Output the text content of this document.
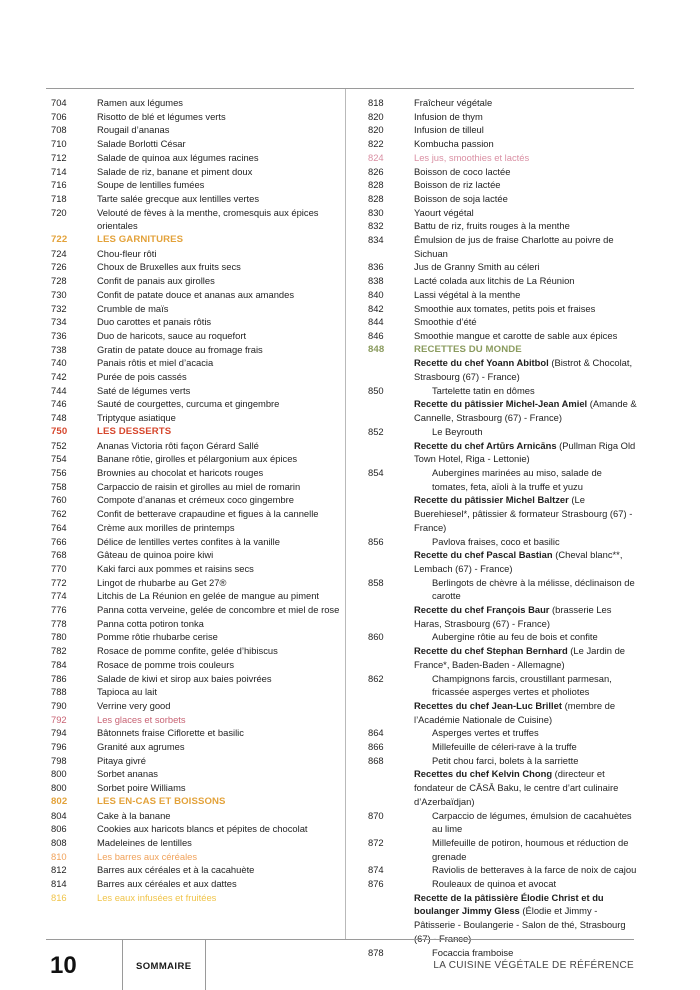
704	Ramen aux légumes
706	Risotto de blé et légumes verts
708	Rougail d’ananas
710	Salade Borlotti César
712	Salade de quinoa aux légumes racines
714	Salade de riz, banane et piment doux
716	Soupe de lentilles fumées
718	Tarte salée grecque aux lentilles vertes
720	Velouté de fèves à la menthe, cromesquis aux épices orientales
722	LES GARNITURES
724	Chou-fleur rôti
726	Choux de Bruxelles aux fruits secs
728	Confit de panais aux girolles
730	Confit de patate douce et ananas aux amandes
732	Crumble de maïs
734	Duo carottes et panais rôtis
736	Duo de haricots, sauce au roquefort
738	Gratin de patate douce au fromage frais
740	Panais rôtis et miel d’acacia
742	Purée de pois cassés
744	Saté de légumes verts
746	Sauté de courgettes, curcuma et gingembre
748	Triptyque asiatique
750	LES DESSERTS
752	Ananas Victoria rôti façon Gérard Sallé
754	Banane rôtie, girolles et pélargonium aux épices
756	Brownies au chocolat et haricots rouges
758	Carpaccio de raisin et girolles au miel de romarin
760	Compote d’ananas et crémeux coco gingembre
762	Confit de betterave crapaudine et figues à la cannelle
764	Crème aux morilles de printemps
766	Délice de lentilles vertes confites à la vanille
768	Gâteau de quinoa poire kiwi
770	Kaki farci aux pommes et raisins secs
772	Lingot de rhubarbe au Get 27®
774	Litchis de La Réunion en gelée de mangue au piment
776	Panna cotta verveine, gelée de concombre et miel de rose
778	Panna cotta potiron tonka
780	Pomme rôtie rhubarbe cerise
782	Rosace de pomme confite, gelée d’hibiscus
784	Rosace de pomme trois couleurs
786	Salade de kiwi et sirop aux baies poivrées
788	Tapioca au lait
790	Verrine very good
792	Les glaces et sorbets
794	Bâtonnets fraise Ciflorette et basilic
796	Granité aux agrumes
798	Pitaya givré
800	Sorbet ananas
800	Sorbet poire Williams
802	LES EN-CAS ET BOISSONS
804	Cake à la banane
806	Cookies aux haricots blancs et pépites de chocolat
808	Madeleines de lentilles
810	Les barres aux céréales
812	Barres aux céréales et à la cacahuète
814	Barres aux céréales et aux dattes
816	Les eaux infusées et fruitées
818	Fraîcheur végétale
820	Infusion de thym
820	Infusion de tilleul
822	Kombucha passion
824	Les jus, smoothies et lactés
826	Boisson de coco lactée
828	Boisson de riz lactée
828	Boisson de soja lactée
830	Yaourt végétal
832	Battu de riz, fruits rouges à la menthe
834	Émulsion de jus de fraise Charlotte au poivre de Sichuan
836	Jus de Granny Smith au céleri
838	Lacté colada aux litchis de La Réunion
840	Lassi végétal à la menthe
842	Smoothie aux tomates, petits pois et fraises
844	Smoothie d’été
846	Smoothie mangue et carotte de sable aux épices
848	RECETTES DU MONDE
Recette du chef Yoann Abitbol (Bistrot & Chocolat, Strasbourg (67) - France)
850	Tartelette tatin en dômes
Recette du pâtissier Michel-Jean Amiel (Amande & Cannelle, Strasbourg (67) - France)
852	Le Beyrouth
Recette du chef Artūrs Arnicāns (Pullman Riga Old Town Hotel, Riga - Lettonie)
854	Aubergines marinées au miso, salade de tomates, feta, aïoli à la truffe et yuzu
Recette du pâtissier Michel Baltzer (Le Buerehiesel*, pâtissier & formateur Strasbourg (67) - France)
856	Pavlova fraises, coco et basilic
Recette du chef Pascal Bastian (Cheval blanc**, Lembach (67) - France)
858	Berlingots de chèvre à la mélisse, déclinaison de carotte
Recette du chef François Baur (brasserie Les Haras, Strasbourg (67) - France)
860	Aubergine rôtie au feu de bois et confite
Recette du chef Stephan Bernhard (Le Jardin de France*, Baden-Baden - Allemagne)
862	Champignons farcis, croustillant parmesan, fricassée asperges vertes et pholiotes
Recettes du chef Jean-Luc Brillet (membre de l’Académie Nationale de Cuisine)
864	Asperges vertes et truffes
866	Millefeuille de céleri-rave à la truffe
868	Petit chou farci, bolets à la sarriette
Recettes du chef Kelvin Chong (directeur et fondateur de CĀSĀ Baku, le centre d’art culinaire d’Azerbaïdjan)
870	Carpaccio de légumes, émulsion de cacahuètes au lime
872	Millefeuille de potiron, houmous et réduction de grenade
874	Raviolis de betteraves à la farce de noix de cajou
876	Rouleaux de quinoa et avocat
Recette de la pâtissière Élodie Christ et du boulanger Jimmy Gless (Élodie et Jimmy - Pâtisserie - Boulangerie - Salon de thé, Strasbourg
878	Focaccia framboise
10	SOMMAIRE	LA CUISINE VÉGÉTALE DE RÉFÉRENCE
